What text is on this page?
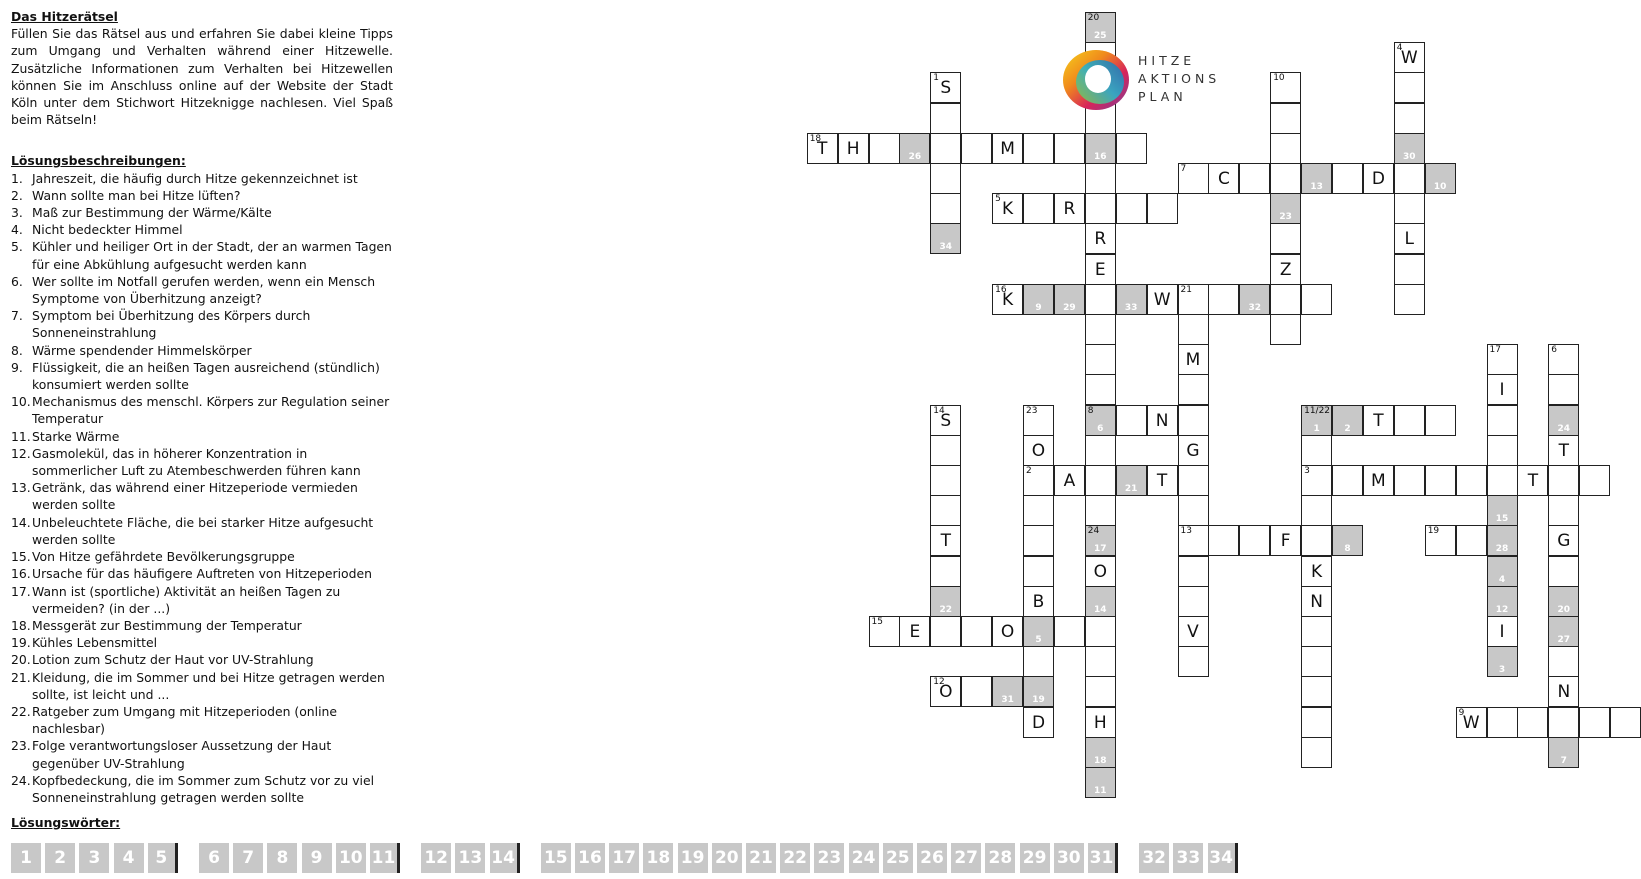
Das Hitzerätsel

Füllen Sie das Rätsel aus und erfahren Sie dabei kleine Tipps zum Umgang und Verhalten während einer Hitzewelle. Zusätzliche Informationen zum Verhalten bei Hitzewellen können Sie im Anschluss online auf der Website der Stadt Köln unter dem Stichwort Hitzeknigge nachlesen. Viel Spaß beim Rätseln!

Lösungsbeschreibungen:
1. Jahreszeit, die häufig durch Hitze gekennzeichnet ist
2. Wann sollte man bei Hitze lüften?
3. Maß zur Bestimmung der Wärme/Kälte
4. Nicht bedeckter Himmel
5. Kühler und heiliger Ort in der Stadt, der an warmen Tagen für eine Abkühlung aufgesucht werden kann
6. Wer sollte im Notfall gerufen werden, wenn ein Mensch Symptome von Überhitzung anzeigt?
7. Symptom bei Überhitzung des Körpers durch Sonneneinstrahlung
8. Wärme spendender Himmelskörper
9. Flüssigkeit, die an heißen Tagen ausreichend (stündlich) konsumiert werden sollte
10. Mechanismus des menschl. Körpers zur Regulation seiner Temperatur
11. Starke Wärme
12. Gasmolekül, das in höherer Konzentration in sommerlicher Luft zu Atembeschwerden führen kann
13. Getränk, das während einer Hitzeperiode vermieden werden sollte
14. Unbeleuchtete Fläche, die bei starker Hitze aufgesucht werden sollte
15. Von Hitze gefährdete Bevölkerungsgruppe
16. Ursache für das häufigere Auftreten von Hitzeperioden
17. Wann ist (sportliche) Aktivität an heißen Tagen zu vermeiden? (in der ...)
18. Messgerät zur Bestimmung der Temperatur
19. Kühles Lebensmittel
20. Lotion zum Schutz der Haut vor UV-Strahlung
21. Kleidung, die im Sommer und bei Hitze getragen werden sollte, ist leicht und ...
22. Ratgeber zum Umgang mit Hitzeperioden (online nachlesbar)
23. Folge verantwortungsloser Aussetzung der Haut gegenüber UV-Strahlung
24. Kopfbedeckung, die im Sommer zum Schutz vor zu viel Sonneneinstrahlung getragen werden sollte
20
25
16
R
E
8
6
24
17
O
1 S
34
4
W
30
L
10
23
Z
18
T	H	26	M
7	C	13	D	10
5 K	R
16
K	9	29	33 W	21
32
M
G
13
V
17
I
15
28
4
12
I
3
6
24
T
G
20
27
N
7
14
S
T
22
23
O
2
B
5
19
D
N	11/22
1	2	T
A	21	T	3	M	T
14
H
18
11
F	8
19
15	E	O
12
O	31
9
W
K
N
HITZE
AKTIONS
PLAN
Lösungswörter:
1	2	3	4	5	6	7	8	9 10 11 12 13 14 15 16 17 18 19 20 21 22 23 24 25 26 27 28 29 30 31 32 33 34
